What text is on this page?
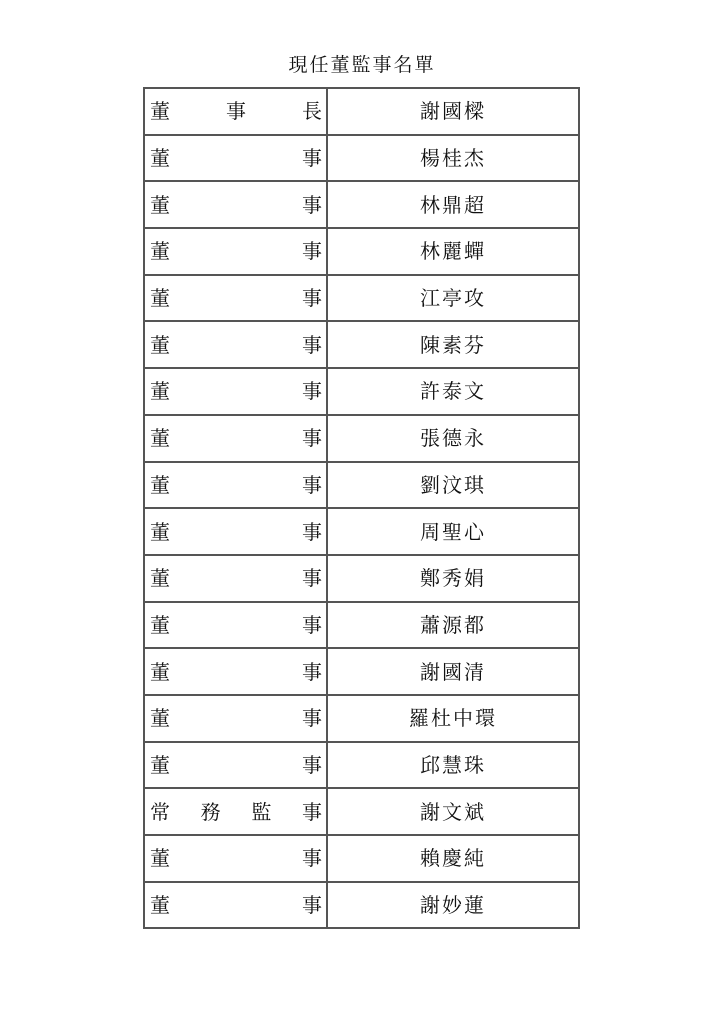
現任董監事名單
董 事 長	謝國樑

董 事	楊桂杰

董 事	林鼎超

董 事	林麗蟬

董 事	江亭攻

董 事	陳素芬

董 事	許泰文

董 事	張德永

董 事	劉汶琪

董 事	周聖心

董 事	鄭秀娟

董 事	蕭源都

董 事	謝國清

董 事	羅杜中環

董 事	邱慧珠

常 務 監 事	謝文斌

董 事	賴慶純

董 事	謝妙蓮
